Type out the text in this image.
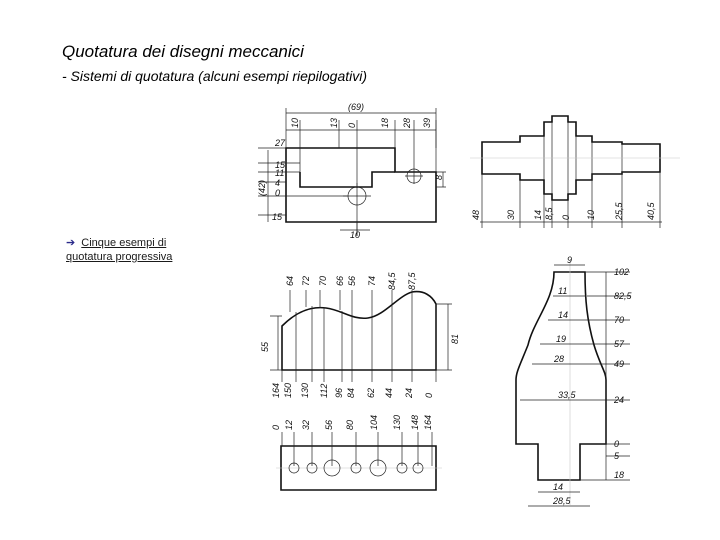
Quotatura dei disegni meccanici

- Sistemi di quotatura (alcuni esempi riepilogativi)

➔ Cinque esempi di quotatura progressiva
(69)
10	13 0	18 28 39
27
15
11
4
0
(42)
15
8
10
48	30 14 8,5 0 10 25,5 40,5
64 72 70 66 56 74 84,5 87,5
55
81
164 150 130 112 96 84 62 44 24 0
0 12 32 56 80 104 130 148 164
9
11
14
19
28
33,5
14
28,5
102
82,5
70
57
49
24
0
5
18
